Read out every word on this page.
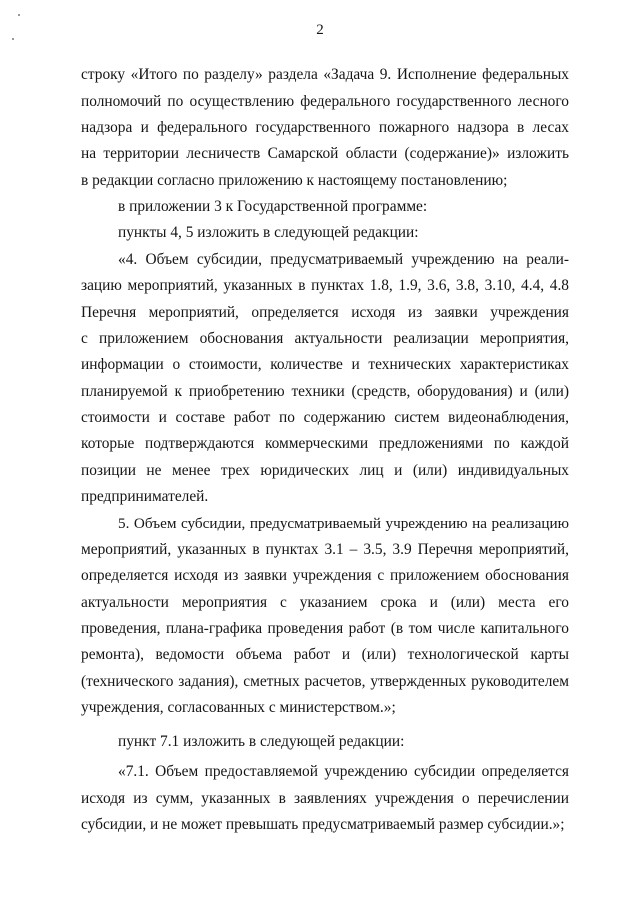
2
строку «Итого по разделу» раздела «Задача 9. Исполнение федеральных
полномочий по осуществлению федерального государственного лесного
надзора и федерального государственного пожарного надзора в лесах
на территории лесничеств Самарской области (содержание)» изложить
в редакции согласно приложению к настоящему постановлению;
в приложении 3 к Государственной программе:
пункты 4, 5 изложить в следующей редакции:
«4. Объем субсидии, предусматриваемый учреждению на реали-
зацию мероприятий, указанных в пунктах 1.8, 1.9, 3.6, 3.8, 3.10, 4.4, 4.8
Перечня мероприятий, определяется исходя из заявки учреждения
с приложением обоснования актуальности реализации мероприятия,
информации о стоимости, количестве и технических характеристиках
планируемой к приобретению техники (средств, оборудования) и (или)
стоимости и составе работ по содержанию систем видеонаблюдения,
которые подтверждаются коммерческими предложениями по каждой
позиции не менее трех юридических лиц и (или) индивидуальных
предпринимателей.
5. Объем субсидии, предусматриваемый учреждению на реализацию
мероприятий, указанных в пунктах 3.1 – 3.5, 3.9 Перечня мероприятий,
определяется исходя из заявки учреждения с приложением обоснования
актуальности мероприятия с указанием срока и (или) места его
проведения, плана-графика проведения работ (в том числе капитального
ремонта), ведомости объема работ и (или) технологической карты
(технического задания), сметных расчетов, утвержденных руководителем
учреждения, согласованных с министерством.»;
пункт 7.1 изложить в следующей редакции:
«7.1. Объем предоставляемой учреждению субсидии определяется
исходя из сумм, указанных в заявлениях учреждения о перечислении
субсидии, и не может превышать предусматриваемый размер субсидии.»;
